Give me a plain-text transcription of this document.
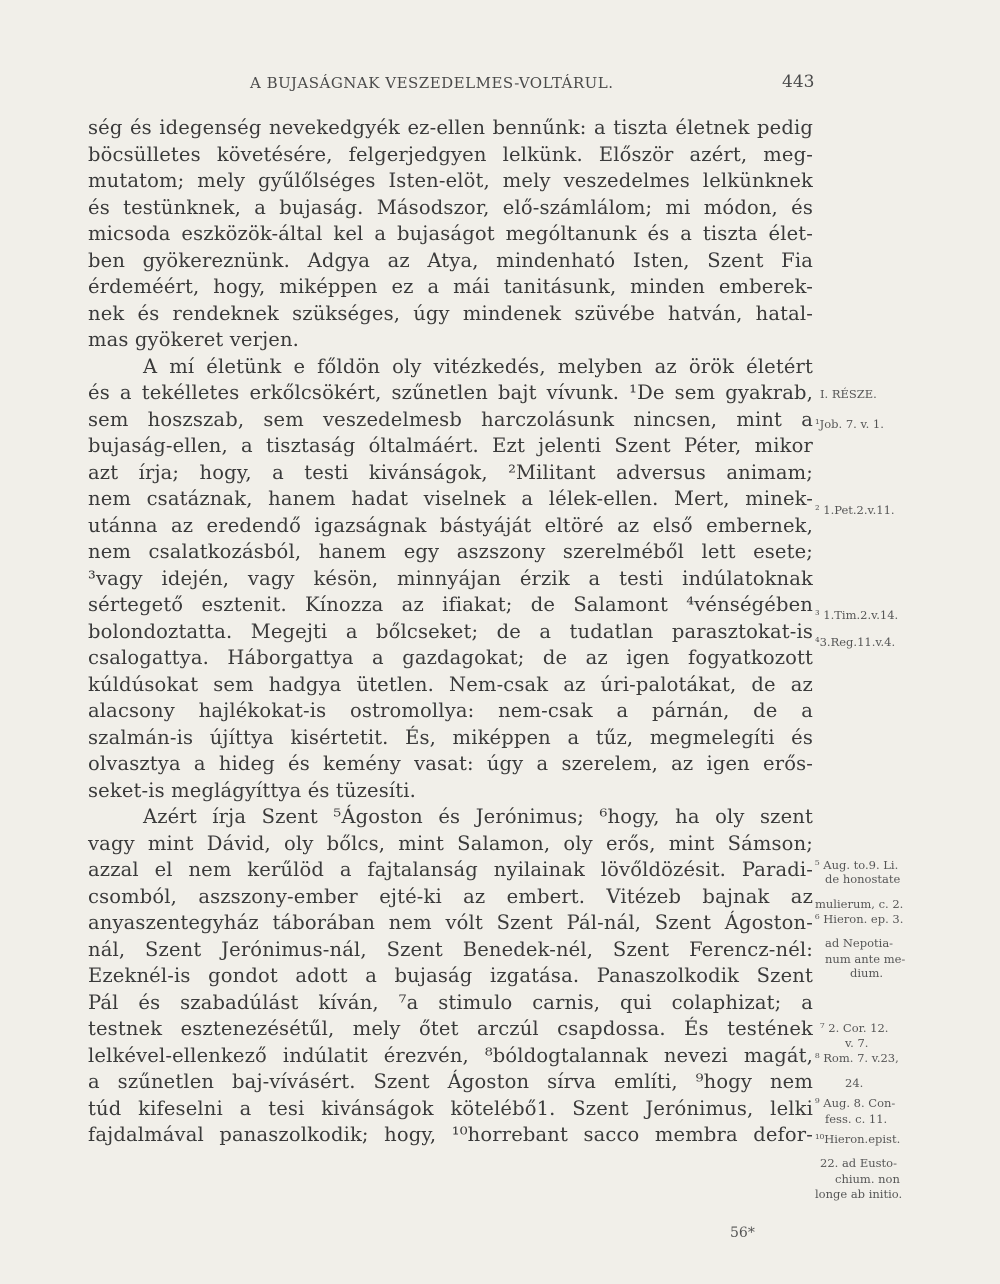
A BUJASÁGNAK VESZEDELMES-VOLTÁRUL.	443
ség és idegenség nevekedgyék ez-ellen bennűnk: a tiszta életnek pedig
böcsülletes követésére, felgerjedgyen lelkünk. Először azért, meg-
mutatom; mely gyűlőlséges Isten-elöt, mely veszedelmes lelkünknek
és testünknek, a bujaság. Másodszor, elő-számlálom; mi módon, és
micsoda eszközök-által kel a bujaságot mególtanunk és a tiszta élet-
ben gyökereznünk. Adgya az Atya, mindenható Isten, Szent Fia
érdeméért, hogy, miképpen ez a mái tanitásunk, minden emberek-
nek és rendeknek szükséges, úgy mindenek szüvébe hatván, hatal-
mas gyökeret verjen.
A mí életünk e főldön oly vitézkedés, melyben az örök életért
és a tekélletes erkőlcsökért, szűnetlen bajt vívunk. ¹De sem gyakrab,
sem hoszszab, sem veszedelmesb harczolásunk nincsen, mint a
bujaság-ellen, a tisztaság óltalmáért. Ezt jelenti Szent Péter, mikor
azt írja; hogy, a testi kivánságok, ²Militant adversus animam;
nem csatáznak, hanem hadat viselnek a lélek-ellen. Mert, minek-
utánna az eredendő igazságnak bástyáját eltöré az első embernek,
nem csalatkozásból, hanem egy aszszony szerelméből lett esete;
³vagy idején, vagy késön, minnyájan érzik a testi indúlatoknak
sértegető esztenit. Kínozza az ifiakat; de Salamont ⁴vénségében
bolondoztatta. Megejti a bőlcseket; de a tudatlan parasztokat-is
csalogattya. Háborgattya a gazdagokat; de az igen fogyatkozott
kúldúsokat sem hadgya ütetlen. Nem-csak az úri-palotákat, de az
alacsony hajlékokat-is ostromollya: nem-csak a párnán, de a
szalmán-is újíttya kisértetit. És, miképpen a tűz, megmelegíti és
olvasztya a hideg és kemény vasat: úgy a szerelem, az igen erős-
seket-is meglágyíttya és tüzesíti.
Azért írja Szent ⁵Ágoston és Jerónimus; ⁶hogy, ha oly szent
vagy mint Dávid, oly bőlcs, mint Salamon, oly erős, mint Sámson;
azzal el nem kerűlöd a fajtalanság nyilainak lövőldözésit. Paradi-
csomból, aszszony-ember ejté-ki az embert. Vitézeb bajnak az
anyaszentegyház táborában nem vólt Szent Pál-nál, Szent Ágoston-
nál, Szent Jerónimus-nál, Szent Benedek-nél, Szent Ferencz-nél:
Ezeknél-is gondot adott a bujaság izgatása. Panaszolkodik Szent
Pál és szabadúlást kíván, ⁷a stimulo carnis, qui colaphizat; a
testnek esztenezésétűl, mely őtet arczúl csapdossa. És testének
lelkével-ellenkező indúlatit érezvén, ⁸bóldogtalannak nevezi magát,
a szűnetlen baj-vívásért. Szent Ágoston sírva említi, ⁹hogy nem
túd kifeselni a tesi kivánságok kötelébő1. Szent Jerónimus, lelki
fajdalmával panaszolkodik; hogy, ¹⁰horrebant sacco membra defor-
I. RÉSZE.
¹Job. 7. v. 1.
² 1.Pet.2.v.11.
³ 1.Tim.2.v.14.
⁴3.Reg.11.v.4.
⁵ Aug. to.9. Li.
de honostate
mulierum, c. 2.
⁶ Hieron. ep. 3.
ad Nepotia-
num ante me-
dium.
⁷ 2. Cor. 12.
v. 7.
⁸ Rom. 7. v.23,
24.
⁹ Aug. 8. Con-
fess. c. 11.
¹⁰Hieron.epist.
22. ad Eusto-
chium. non
longe ab initio.
56*
